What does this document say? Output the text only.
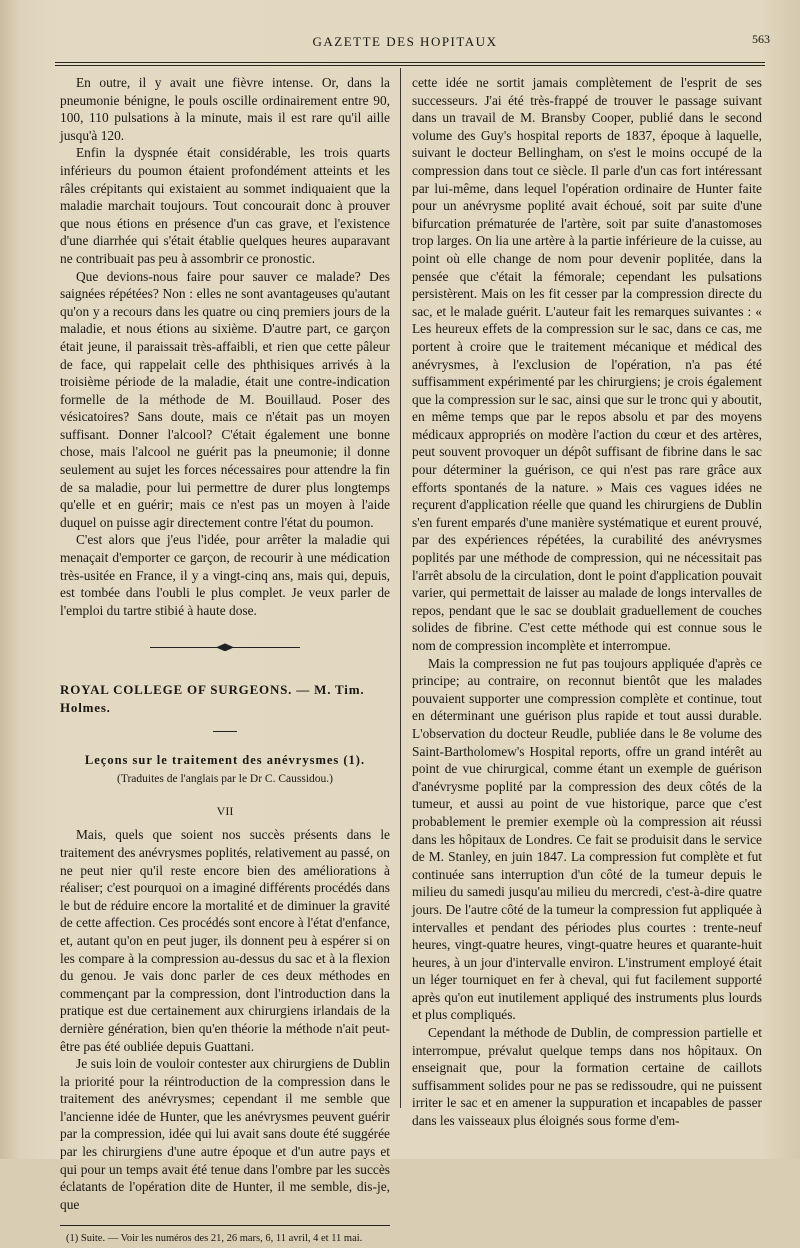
GAZETTE DES HOPITAUX	563

En outre, il y avait une fièvre intense. Or, dans la pneumonie bénigne, le pouls oscille ordinairement entre 90, 100, 110 pulsations à la minute, mais il est rare qu'il aille jusqu'à 120.

Enfin la dyspnée était considérable, les trois quarts inférieurs du poumon étaient profondément atteints et les râles crépitants qui existaient au sommet indiquaient que la maladie marchait toujours. Tout concourait donc à prouver que nous étions en présence d'un cas grave, et l'existence d'une diarrhée qui s'était établie quelques heures auparavant ne contribuait pas peu à assombrir ce pronostic.

Que devions-nous faire pour sauver ce malade? Des saignées répétées? Non : elles ne sont avantageuses qu'autant qu'on y a recours dans les quatre ou cinq premiers jours de la maladie, et nous étions au sixième. D'autre part, ce garçon était jeune, il paraissait très-affaibli, et rien que cette pâleur de face, qui rappelait celle des phthisiques arrivés à la troisième période de la maladie, était une contre-indication formelle de la méthode de M. Bouillaud. Poser des vésicatoires? Sans doute, mais ce n'était pas un moyen suffisant. Donner l'alcool? C'était également une bonne chose, mais l'alcool ne guérit pas la pneumonie; il donne seulement au sujet les forces nécessaires pour attendre la fin de sa maladie, pour lui permettre de durer plus longtemps qu'elle et en guérir; mais ce n'est pas un moyen à l'aide duquel on puisse agir directement contre l'état du poumon.

C'est alors que j'eus l'idée, pour arrêter la maladie qui menaçait d'emporter ce garçon, de recourir à une médication très-usitée en France, il y a vingt-cinq ans, mais qui, depuis, est tombée dans l'oubli le plus complet. Je veux parler de l'emploi du tartre stibié à haute dose.

ROYAL COLLEGE OF SURGEONS. — M. Tim. Holmes.
Leçons sur le traitement des anévrysmes (1).
(Traduites de l'anglais par le Dr C. Caussidou.)
VII

Mais, quels que soient nos succès présents dans le traitement des anévrysmes poplités, relativement au passé, on ne peut nier qu'il reste encore bien des améliorations à réaliser; c'est pourquoi on a imaginé différents procédés dans le but de réduire encore la mortalité et de diminuer la gravité de cette affection. Ces procédés sont encore à l'état d'enfance, et, autant qu'on en peut juger, ils donnent peu à espérer si on les compare à la compression au-dessus du sac et à la flexion du genou. Je vais donc parler de ces deux méthodes en commençant par la compression, dont l'introduction dans la pratique est due certainement aux chirurgiens irlandais de la dernière génération, bien qu'en théorie la méthode n'ait peut-être pas été oubliée depuis Guattani.

Je suis loin de vouloir contester aux chirurgiens de Dublin la priorité pour la réintroduction de la compression dans le traitement des anévrysmes; cependant il me semble que l'ancienne idée de Hunter, que les anévrysmes peuvent guérir par la compression, idée qui lui avait sans doute été suggérée par les chirurgiens d'une autre époque et d'un autre pays et qui pour un temps avait été tenue dans l'ombre par les succès éclatants de l'opération dite de Hunter, il me semble, dis-je, que

(1) Suite. — Voir les numéros des 21, 26 mars, 6, 11 avril, 4 et 11 mai.

cette idée ne sortit jamais complètement de l'esprit de ses successeurs. J'ai été très-frappé de trouver le passage suivant dans un travail de M. Bransby Cooper, publié dans le second volume des Guy's hospital reports de 1837, époque à laquelle, suivant le docteur Bellingham, on s'est le moins occupé de la compression dans tout ce siècle. Il parle d'un cas fort intéressant par lui-même, dans lequel l'opération ordinaire de Hunter faite pour un anévrysme poplité avait échoué, soit par suite d'une bifurcation prématurée de l'artère, soit par suite d'anastomoses trop larges. On lia une artère à la partie inférieure de la cuisse, au point où elle change de nom pour devenir poplitée, dans la pensée que c'était la fémorale; cependant les pulsations persistèrent. Mais on les fit cesser par la compression directe du sac, et le malade guérit. L'auteur fait les remarques suivantes : « Les heureux effets de la compression sur le sac, dans ce cas, me portent à croire que le traitement mécanique et médical des anévrysmes, à l'exclusion de l'opération, n'a pas été suffisamment expérimenté par les chirurgiens; je crois également que la compression sur le sac, ainsi que sur le tronc qui y aboutit, en même temps que par le repos absolu et par des moyens médicaux appropriés on modère l'action du cœur et des artères, peut souvent provoquer un dépôt suffisant de fibrine dans le sac pour déterminer la guérison, ce qui n'est pas rare grâce aux efforts spontanés de la nature. » Mais ces vagues idées ne reçurent d'application réelle que quand les chirurgiens de Dublin s'en furent emparés d'une manière systématique et eurent prouvé, par des expériences répétées, la curabilité des anévrysmes poplités par une méthode de compression, qui ne nécessitait pas l'arrêt absolu de la circulation, dont le point d'application pouvait varier, qui permettait de laisser au malade de longs intervalles de repos, pendant que le sac se doublait graduellement de couches solides de fibrine. C'est cette méthode qui est connue sous le nom de compression incomplète et interrompue.

Mais la compression ne fut pas toujours appliquée d'après ce principe; au contraire, on reconnut bientôt que les malades pouvaient supporter une compression complète et continue, tout en déterminant une guérison plus rapide et tout aussi durable. L'observation du docteur Reudle, publiée dans le 8e volume des Saint-Bartholomew's Hospital reports, offre un grand intérêt au point de vue chirurgical, comme étant un exemple de guérison d'anévrysme poplité par la compression des deux côtés de la tumeur, et aussi au point de vue historique, parce que c'est probablement le premier exemple où la compression ait réussi dans les hôpitaux de Londres. Ce fait se produisit dans le service de M. Stanley, en juin 1847. La compression fut complète et fut continuée sans interruption d'un côté de la tumeur depuis le milieu du samedi jusqu'au milieu du mercredi, c'est-à-dire quatre jours. De l'autre côté de la tumeur la compression fut appliquée à intervalles et pendant des périodes plus courtes : trente-neuf heures, vingt-quatre heures, vingt-quatre heures et quarante-huit heures, à un jour d'intervalle environ. L'instrument employé était un léger tourniquet en fer à cheval, qui fut facilement supporté après qu'on eut inutilement appliqué des instruments plus lourds et plus compliqués.

Cependant la méthode de Dublin, de compression partielle et interrompue, prévalut quelque temps dans nos hôpitaux. On enseignait que, pour la formation certaine de caillots suffisamment solides pour ne pas se redissoudre, qui ne puissent irriter le sac et en amener la suppuration et incapables de passer dans les vaisseaux plus éloignés sous forme d'em-
